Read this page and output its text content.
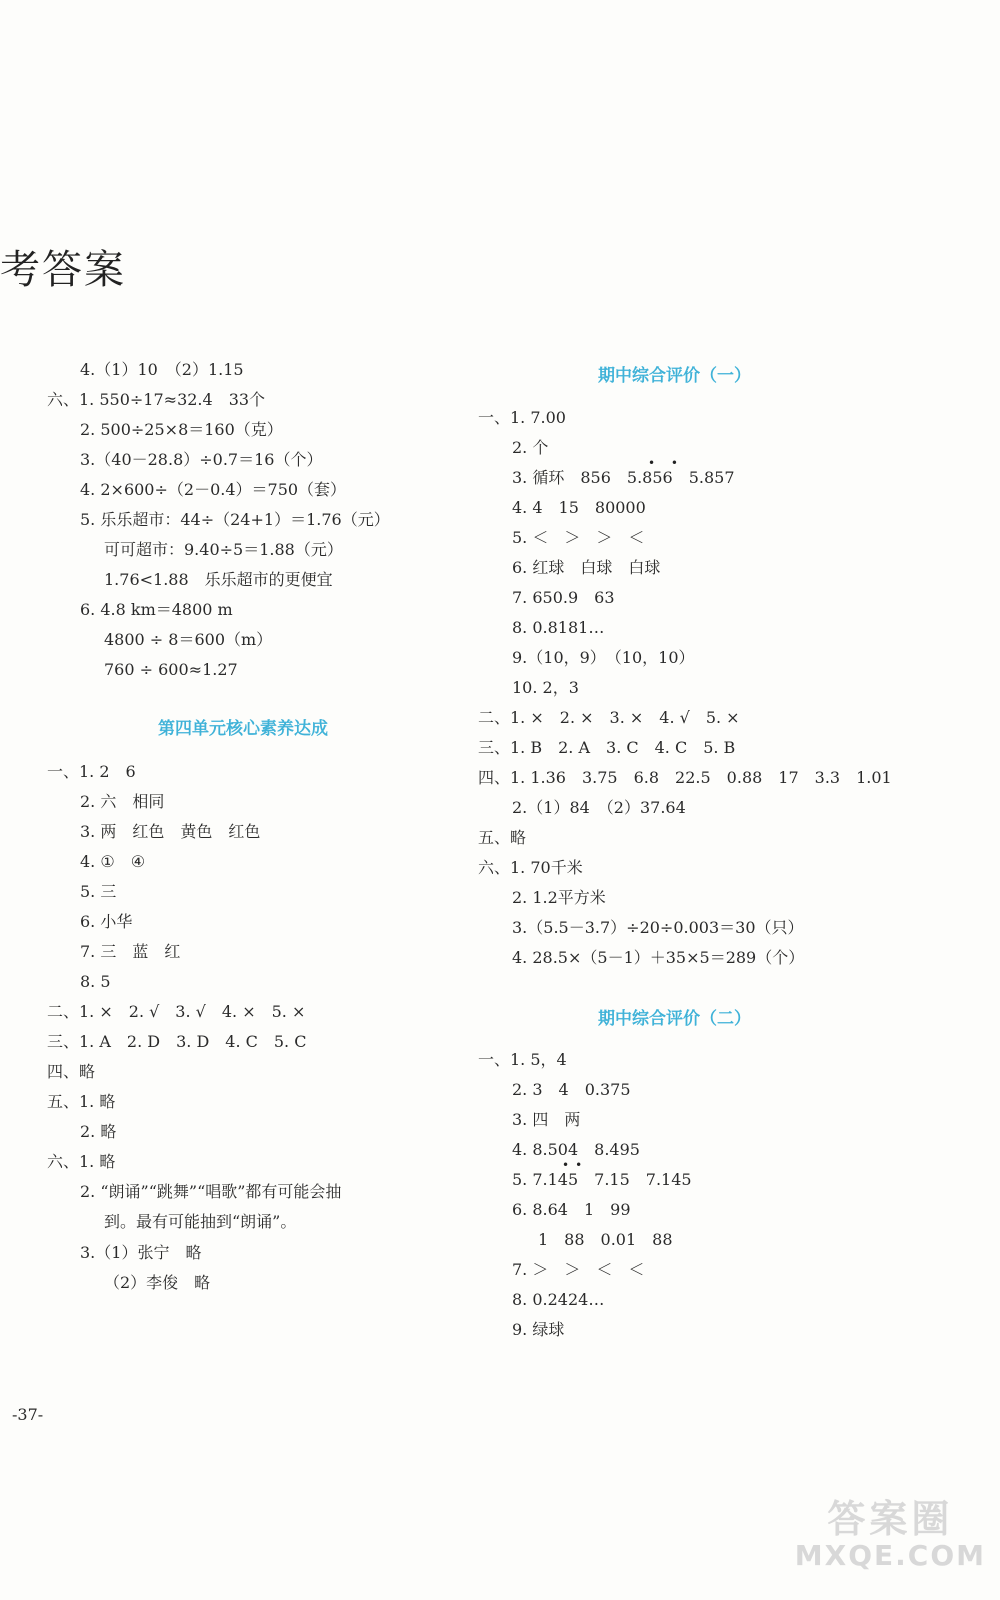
考答案
4.（1）10　（2）1.15
六、1. 550÷17≈32.4　33个
2. 500÷25×8＝160（克）
3.（40－28.8）÷0.7＝16（个）
4. 2×600÷（2－0.4）＝750（套）
5. 乐乐超市：44÷（24+1）＝1.76（元）
可可超市：9.40÷5＝1.88（元）
1.76<1.88　乐乐超市的更便宜
6. 4.8 km＝4800 m
4800 ÷ 8＝600（m）
760 ÷ 600≈1.27
第四单元核心素养达成
一、1. 2　6
2. 六　相同
3. 两　红色　黄色　红色
4. ①　④
5. 三
6. 小华
7. 三　蓝　红
8. 5
二、1. ×　2. √　3. √　4. ×　5. ×
三、1. A　2. D　3. D　4. C　5. C
四、略
五、1. 略
2. 略
六、1. 略
2. “朗诵”“跳舞”“唱歌”都有可能会抽
到。最有可能抽到“朗诵”。
3.（1）张宁　略
（2）李俊　略
期中综合评价（一）
一、1. 7.00
2. 个
• •
3. 循环　856　5.856　5.857
4. 4　15　80000
5. ＜　＞　＞　＜
6. 红球　白球　白球
7. 650.9　63
8. 0.8181…
9.（10，9）　（10，10）
10. 2，3
二、1. ×　2. ×　3. ×　4. √　5. ×
三、1. B　2. A　3. C　4. C　5. B
四、1. 1.36　3.75　6.8　22.5　0.88　17　3.3　1.01
2.（1）84　（2）37.64
五、略
六、1. 70千米
2. 1.2平方米
3.（5.5－3.7）÷20÷0.003＝30（只）
4. 28.5×（5－1）＋35×5＝289（个）
期中综合评价（二）
一、1. 5，4
2. 3　4　0.375
3. 四　两
4. 8.504　8.495
••
5. 7.145　7.15　7.145
6. 8.64　1　99
1　88　0.01　88
7. ＞　＞　＜　＜
8. 0.2424…
9. 绿球
-37-
答案圈
MXQE.COM
